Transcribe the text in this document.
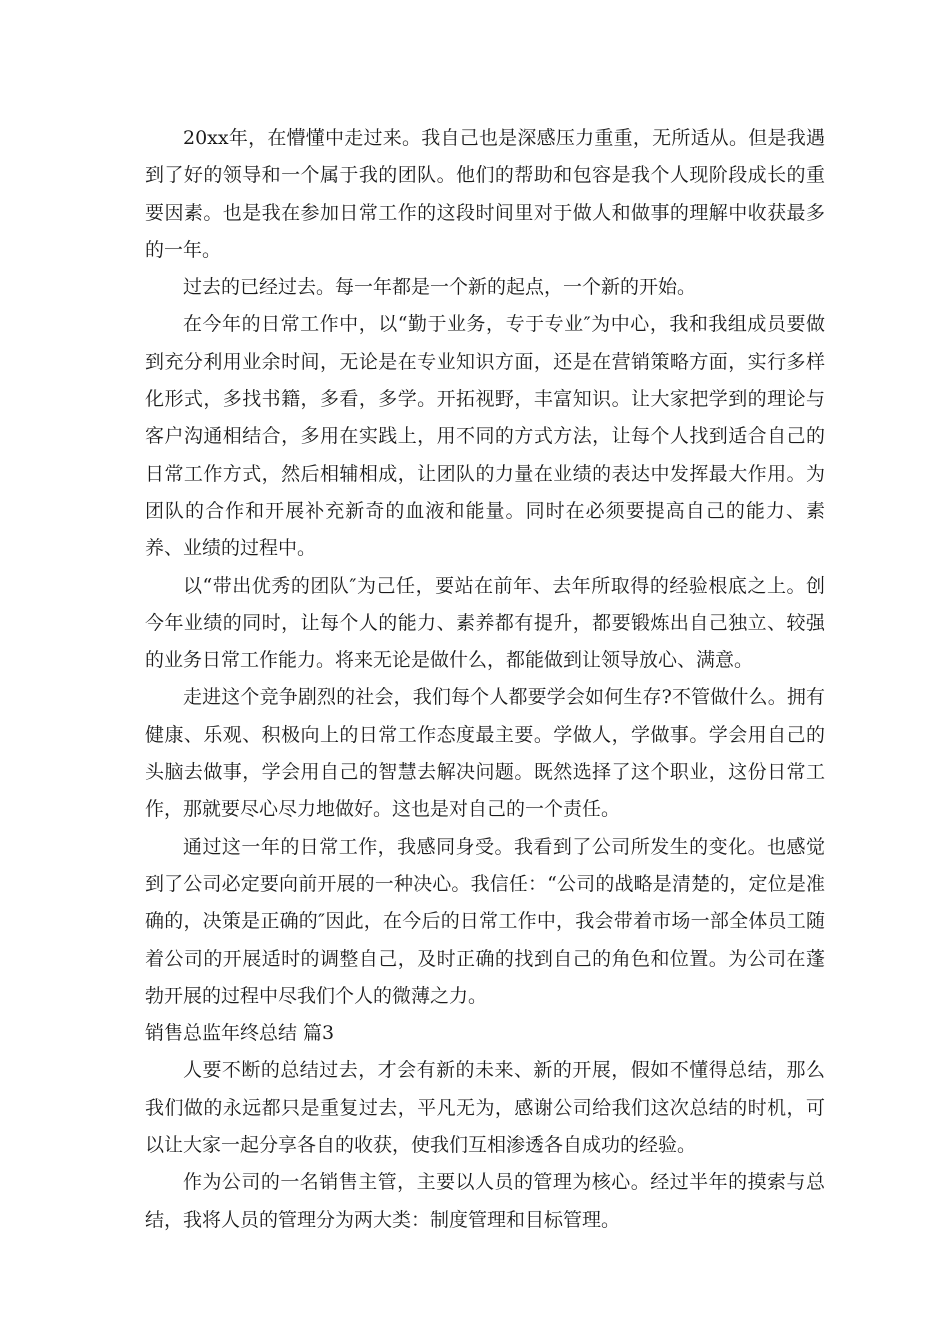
20xx年，在懵懂中走过来。我自己也是深感压力重重，无所适从。但是我遇到了好的领导和一个属于我的团队。他们的帮助和包容是我个人现阶段成长的重要因素。也是我在参加日常工作的这段时间里对于做人和做事的理解中收获最多的一年。

过去的已经过去。每一年都是一个新的起点，一个新的开始。

在今年的日常工作中，以“勤于业务，专于专业″为中心，我和我组成员要做到充分利用业余时间，无论是在专业知识方面，还是在营销策略方面，实行多样化形式，多找书籍，多看，多学。开拓视野，丰富知识。让大家把学到的理论与客户沟通相结合，多用在实践上，用不同的方式方法，让每个人找到适合自己的日常工作方式，然后相辅相成，让团队的力量在业绩的表达中发挥最大作用。为团队的合作和开展补充新奇的血液和能量。同时在必须要提高自己的能力、素养、业绩的过程中。

以“带出优秀的团队″为己任，要站在前年、去年所取得的经验根底之上。创今年业绩的同时，让每个人的能力、素养都有提升，都要锻炼出自己独立、较强的业务日常工作能力。将来无论是做什么，都能做到让领导放心、满意。

走进这个竞争剧烈的社会，我们每个人都要学会如何生存?不管做什么。拥有健康、乐观、积极向上的日常工作态度最主要。学做人，学做事。学会用自己的头脑去做事，学会用自己的智慧去解决问题。既然选择了这个职业，这份日常工作，那就要尽心尽力地做好。这也是对自己的一个责任。

通过这一年的日常工作，我感同身受。我看到了公司所发生的变化。也感觉到了公司必定要向前开展的一种决心。我信任：“公司的战略是清楚的，定位是准确的，决策是正确的″因此，在今后的日常工作中，我会带着市场一部全体员工随着公司的开展适时的调整自己，及时正确的找到自己的角色和位置。为公司在蓬勃开展的过程中尽我们个人的微薄之力。

销售总监年终总结 篇3

人要不断的总结过去，才会有新的未来、新的开展，假如不懂得总结，那么我们做的永远都只是重复过去，平凡无为，感谢公司给我们这次总结的时机，可以让大家一起分享各自的收获，使我们互相渗透各自成功的经验。

作为公司的一名销售主管，主要以人员的管理为核心。经过半年的摸索与总结，我将人员的管理分为两大类：制度管理和目标管理。
